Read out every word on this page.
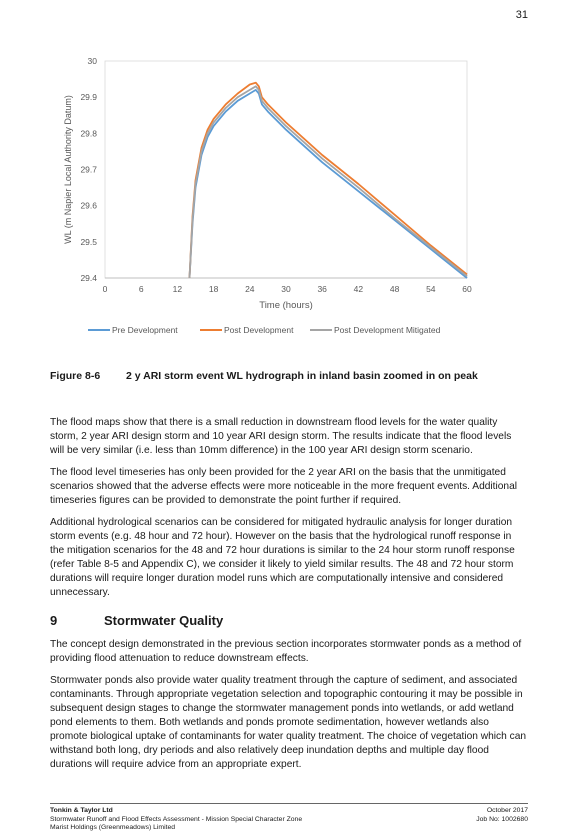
31
29.4
29.5
29.6
29.7
29.8
29.9
30
0	6	12	18	24	30	36	42	48	54	60
Time (hours)
WL (m Napier Local Authority Datum)
Pre Development	Post Development	Post Development Mitigated
Figure 8-6 2 y ARI storm event WL hydrograph in inland basin zoomed in on peak

The flood maps show that there is a small reduction in downstream flood levels for the water quality storm, 2 year ARI design storm and 10 year ARI design storm. The results indicate that the flood levels will be very similar (i.e. less than 10mm difference) in the 100 year ARI design storm scenario.

The flood level timeseries has only been provided for the 2 year ARI on the basis that the unmitigated scenarios showed that the adverse effects were more noticeable in the more frequent events. Additional timeseries figures can be provided to demonstrate the point further if required.

Additional hydrological scenarios can be considered for mitigated hydraulic analysis for longer duration storm events (e.g. 48 hour and 72 hour). However on the basis that the hydrological runoff response in the mitigation scenarios for the 48 and 72 hour durations is similar to the 24 hour storm runoff response (refer Table 8-5 and Appendix C), we consider it likely to yield similar results. The 48 and 72 hour storm durations will require longer duration model runs which are computationally intensive and considered unnecessary.

9	Stormwater Quality

The concept design demonstrated in the previous section incorporates stormwater ponds as a method of providing flood attenuation to reduce downstream effects.

Stormwater ponds also provide water quality treatment through the capture of sediment, and associated contaminants. Through appropriate vegetation selection and topographic contouring it may be possible in subsequent design stages to change the stormwater management ponds into wetlands, or add wetland pond elements to them. Both wetlands and ponds promote sedimentation, however wetlands also promote biological uptake of contaminants for water quality treatment. The choice of vegetation which can withstand both long, dry periods and also relatively deep inundation depths and multiple day flood durations will require advice from an appropriate expert.

Tonkin & Taylor Ltd	October 2017
Stormwater Runoff and Flood Effects Assessment - Mission Special Character Zone	Job No: 1002680
Marist Holdings (Greenmeadows) Limited
